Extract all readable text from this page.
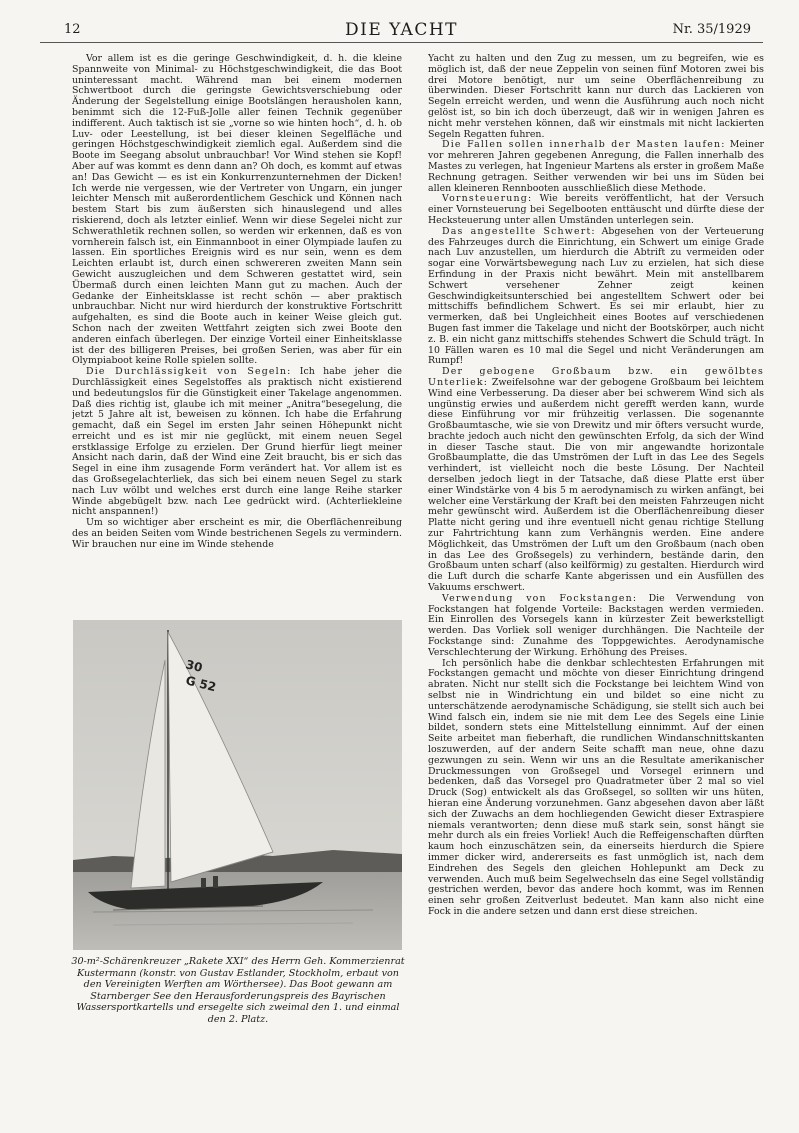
12	DIE YACHT	Nr. 35/1929

Vor allem ist es die geringe Geschwindigkeit, d. h. die kleine Spannweite von Minimal- zu Höchstgeschwindigkeit, die das Boot uninteressant macht. Während man bei einem modernen Schwertboot durch die geringste Gewichtsverschiebung oder Änderung der Segelstellung einige Bootslängen herausholen kann, benimmt sich die 12-Fuß-Jolle aller feinen Technik gegenüber indifferent. Auch taktisch ist sie „vorne so wie hinten hoch“, d. h. ob Luv- oder Leestellung, ist bei dieser kleinen Segelfläche und geringen Höchstgeschwindigkeit ziemlich egal. Außerdem sind die Boote im Seegang absolut unbrauchbar! Vor Wind stehen sie Kopf! Aber auf was kommt es denn dann an? Oh doch, es kommt auf etwas an! Das Gewicht — es ist ein Konkurrenzunternehmen der Dicken! Ich werde nie vergessen, wie der Vertreter von Ungarn, ein junger leichter Mensch mit außerordentlichem Geschick und Können nach bestem Start bis zum äußersten sich hinauslegend und alles riskierend, doch als letzter einlief. Wenn wir diese Segelei nicht zur Schwerathletik rechnen sollen, so werden wir erkennen, daß es von vornherein falsch ist, ein Einmannboot in einer Olympiade laufen zu lassen. Ein sportliches Ereignis wird es nur sein, wenn es dem Leichten erlaubt ist, durch einen schwereren zweiten Mann sein Gewicht auszugleichen und dem Schweren gestattet wird, sein Übermaß durch einen leichten Mann gut zu machen. Auch der Gedanke der Einheitsklasse ist recht schön — aber praktisch unbrauchbar. Nicht nur wird hierdurch der konstruktive Fortschritt aufgehalten, es sind die Boote auch in keiner Weise gleich gut. Schon nach der zweiten Wettfahrt zeigten sich zwei Boote den anderen einfach überlegen. Der einzige Vorteil einer Einheitsklasse ist der des billigeren Preises, bei großen Serien, was aber für ein Olympiaboot keine Rolle spielen sollte.

Die Durchlässigkeit von Segeln: Ich habe jeher die Durchlässigkeit eines Segelstoffes als praktisch nicht existierend und bedeutungslos für die Günstigkeit einer Takelage angenommen. Daß dies richtig ist, glaube ich mit meiner „Anitra“besegelung, die jetzt 5 Jahre alt ist, beweisen zu können. Ich habe die Erfahrung gemacht, daß ein Segel im ersten Jahr seinen Höhepunkt nicht erreicht und es ist mir nie geglückt, mit einem neuen Segel erstklassige Erfolge zu erzielen. Der Grund hierfür liegt meiner Ansicht nach darin, daß der Wind eine Zeit braucht, bis er sich das Segel in eine ihm zusagende Form verändert hat. Vor allem ist es das Großsegelachterliek, das sich bei einem neuen Segel zu stark nach Luv wölbt und welches erst durch eine lange Reihe starker Winde abgebügelt bzw. nach Lee gedrückt wird. (Achterliekleine nicht anspannen!)

Um so wichtiger aber erscheint es mir, die Oberflächenreibung des an beiden Seiten vom Winde bestrichenen Segels zu vermindern. Wir brauchen nur eine im Winde stehende

30
G 52
30-m²-Schärenkreuzer „Rakete XXI“ des Herrn Geh. Kommerzienrat Kustermann (konstr. von Gustav Estlander, Stockholm, erbaut von den Vereinigten Werften am Wörthersee). Das Boot gewann am Starnberger See den Herausforderungspreis des Bayrischen Wassersportkartells und ersegelte sich zweimal den 1. und einmal den 2. Platz.

Yacht zu halten und den Zug zu messen, um zu begreifen, wie es möglich ist, daß der neue Zeppelin von seinen fünf Motoren zwei bis drei Motore benötigt, nur um seine Oberflächenreibung zu überwinden. Dieser Fortschritt kann nur durch das Lackieren von Segeln erreicht werden, und wenn die Ausführung auch noch nicht gelöst ist, so bin ich doch überzeugt, daß wir in wenigen Jahren es nicht mehr verstehen können, daß wir einstmals mit nicht lackierten Segeln Regatten fuhren.

Die Fallen sollen innerhalb der Masten laufen: Meiner vor mehreren Jahren gegebenen Anregung, die Fallen innerhalb des Mastes zu verlegen, hat Ingenieur Martens als erster in großem Maße Rechnung getragen. Seither verwenden wir bei uns im Süden bei allen kleineren Rennbooten ausschließlich diese Methode.

Vornsteuerung: Wie bereits veröffentlicht, hat der Versuch einer Vornsteuerung bei Segelbooten enttäuscht und dürfte diese der Hecksteuerung unter allen Umständen unterlegen sein.

Das angestellte Schwert: Abgesehen von der Verteuerung des Fahrzeuges durch die Einrichtung, ein Schwert um einige Grade nach Luv anzustellen, um hierdurch die Abtrift zu vermeiden oder sogar eine Vorwärtsbewegung nach Luv zu erzielen, hat sich diese Erfindung in der Praxis nicht bewährt. Mein mit anstellbarem Schwert versehener Zehner zeigt keinen Geschwindigkeitsunterschied bei angestelltem Schwert oder bei mittschiffs befindlichem Schwert. Es sei mir erlaubt, hier zu vermerken, daß bei Ungleichheit eines Bootes auf verschiedenen Bugen fast immer die Takelage und nicht der Bootskörper, auch nicht z. B. ein nicht ganz mittschiffs stehendes Schwert die Schuld trägt. In 10 Fällen waren es 10 mal die Segel und nicht Veränderungen am Rumpf!

Der gebogene Großbaum bzw. ein gewölbtes Unterliek: Zweifelsohne war der gebogene Großbaum bei leichtem Wind eine Verbesserung. Da dieser aber bei schwerem Wind sich als ungünstig erwies und außerdem nicht gerefft werden kann, wurde diese Einführung vor mir frühzeitig verlassen. Die sogenannte Großbaumtasche, wie sie von Drewitz und mir öfters versucht wurde, brachte jedoch auch nicht den gewünschten Erfolg, da sich der Wind in dieser Tasche staut. Die von mir angewandte horizontale Großbaumplatte, die das Umströmen der Luft in das Lee des Segels verhindert, ist vielleicht noch die beste Lösung. Der Nachteil derselben jedoch liegt in der Tatsache, daß diese Platte erst über einer Windstärke von 4 bis 5 m aerodynamisch zu wirken anfängt, bei welcher eine Verstärkung der Kraft bei den meisten Fahrzeugen nicht mehr gewünscht wird. Außerdem ist die Oberflächenreibung dieser Platte nicht gering und ihre eventuell nicht genau richtige Stellung zur Fahrtrichtung kann zum Verhängnis werden. Eine andere Möglichkeit, das Umströmen der Luft um den Großbaum (nach oben in das Lee des Großsegels) zu verhindern, bestände darin, den Großbaum unten scharf (also keilförmig) zu gestalten. Hierdurch wird die Luft durch die scharfe Kante abgerissen und ein Ausfüllen des Vakuums erschwert.

Verwendung von Fockstangen: Die Verwendung von Fockstangen hat folgende Vorteile: Backstagen werden vermieden. Ein Einrollen des Vorsegels kann in kürzester Zeit bewerkstelligt werden. Das Vorliek soll weniger durchhängen. Die Nachteile der Fockstange sind: Zunahme des Toppgewichtes. Aerodynamische Verschlechterung der Wirkung. Erhöhung des Preises.

Ich persönlich habe die denkbar schlechtesten Erfahrungen mit Fockstangen gemacht und möchte von dieser Einrichtung dringend abraten. Nicht nur stellt sich die Fockstange bei leichtem Wind von selbst nie in Windrichtung ein und bildet so eine nicht zu unterschätzende aerodynamische Schädigung, sie stellt sich auch bei Wind falsch ein, indem sie nie mit dem Lee des Segels eine Linie bildet, sondern stets eine Mittelstellung einnimmt. Auf der einen Seite arbeitet man fieberhaft, die rundlichen Windanschnittskanten loszuwerden, auf der andern Seite schafft man neue, ohne dazu gezwungen zu sein. Wenn wir uns an die Resultate amerikanischer Druckmessungen von Großsegel und Vorsegel erinnern und bedenken, daß das Vorsegel pro Quadratmeter über 2 mal so viel Druck (Sog) entwickelt als das Großsegel, so sollten wir uns hüten, hieran eine Änderung vorzunehmen. Ganz abgesehen davon aber läßt sich der Zuwachs an dem hochliegenden Gewicht dieser Extraspiere niemals verantworten; denn diese muß stark sein, sonst hängt sie mehr durch als ein freies Vorliek! Auch die Reffeigenschaften dürften kaum hoch einzuschätzen sein, da einerseits hierdurch die Spiere immer dicker wird, andererseits es fast unmöglich ist, nach dem Eindrehen des Segels den gleichen Hohlepunkt am Deck zu verwenden. Auch muß beim Segelwechseln das eine Segel vollständig gestrichen werden, bevor das andere hoch kommt, was im Rennen einen sehr großen Zeitverlust bedeutet. Man kann also nicht eine Fock in die andere setzen und dann erst diese streichen.
